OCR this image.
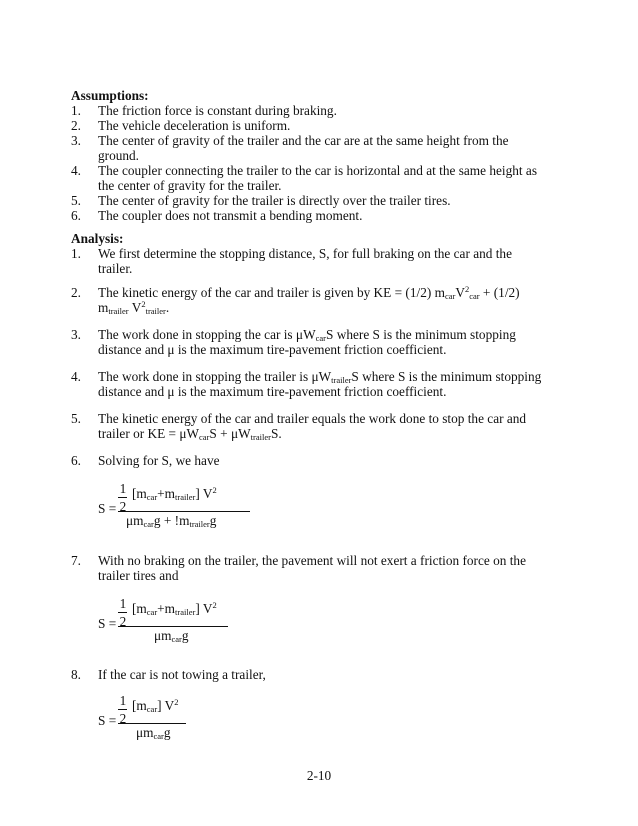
Assumptions:
1. The friction force is constant during braking.
2. The vehicle deceleration is uniform.
3. The center of gravity of the trailer and the car are at the same height from the
ground.
4. The coupler connecting the trailer to the car is horizontal and at the same height as
the center of gravity for the trailer.
5. The center of gravity for the trailer is directly over the trailer tires.
6. The coupler does not transmit a bending moment.
Analysis:
1. We first determine the stopping distance, S, for full braking on the car and the
trailer.
2. The kinetic energy of the car and trailer is given by KE = (1/2) $m_{car}V^2_{car} + (1/2)$
$m_{trailer}$ $V^2_{trailer}$.
3. The work done in stopping the car is $\mu W_{car}S$ where S is the minimum stopping
distance and μ is the maximum tire-pavement friction coefficient.
4. The work done in stopping the trailer is $\mu W_{trailer}S$ where S is the minimum stopping
distance and μ is the maximum tire-pavement friction coefficient.
5. The kinetic energy of the car and trailer equals the work done to stop the car and
trailer or KE = $\mu W_{car}S + \mu W_{trailer}S$.
6. Solving for S, we have
S =
1
2
$[m_{car}+m_{trailer}]$ $V^2$
$\mu m_{car}g + !m_{trailer}g$
7. With no braking on the trailer, the pavement will not exert a friction force on the
trailer tires and
S =
1
2
$[m_{car}+m_{trailer}]$ $V^2$
$\mu m_{car}g$
8. If the car is not towing a trailer,
S =
1
2
$[m_{car}]$ $V^2$
$\mu m_{car}g$
2-10
